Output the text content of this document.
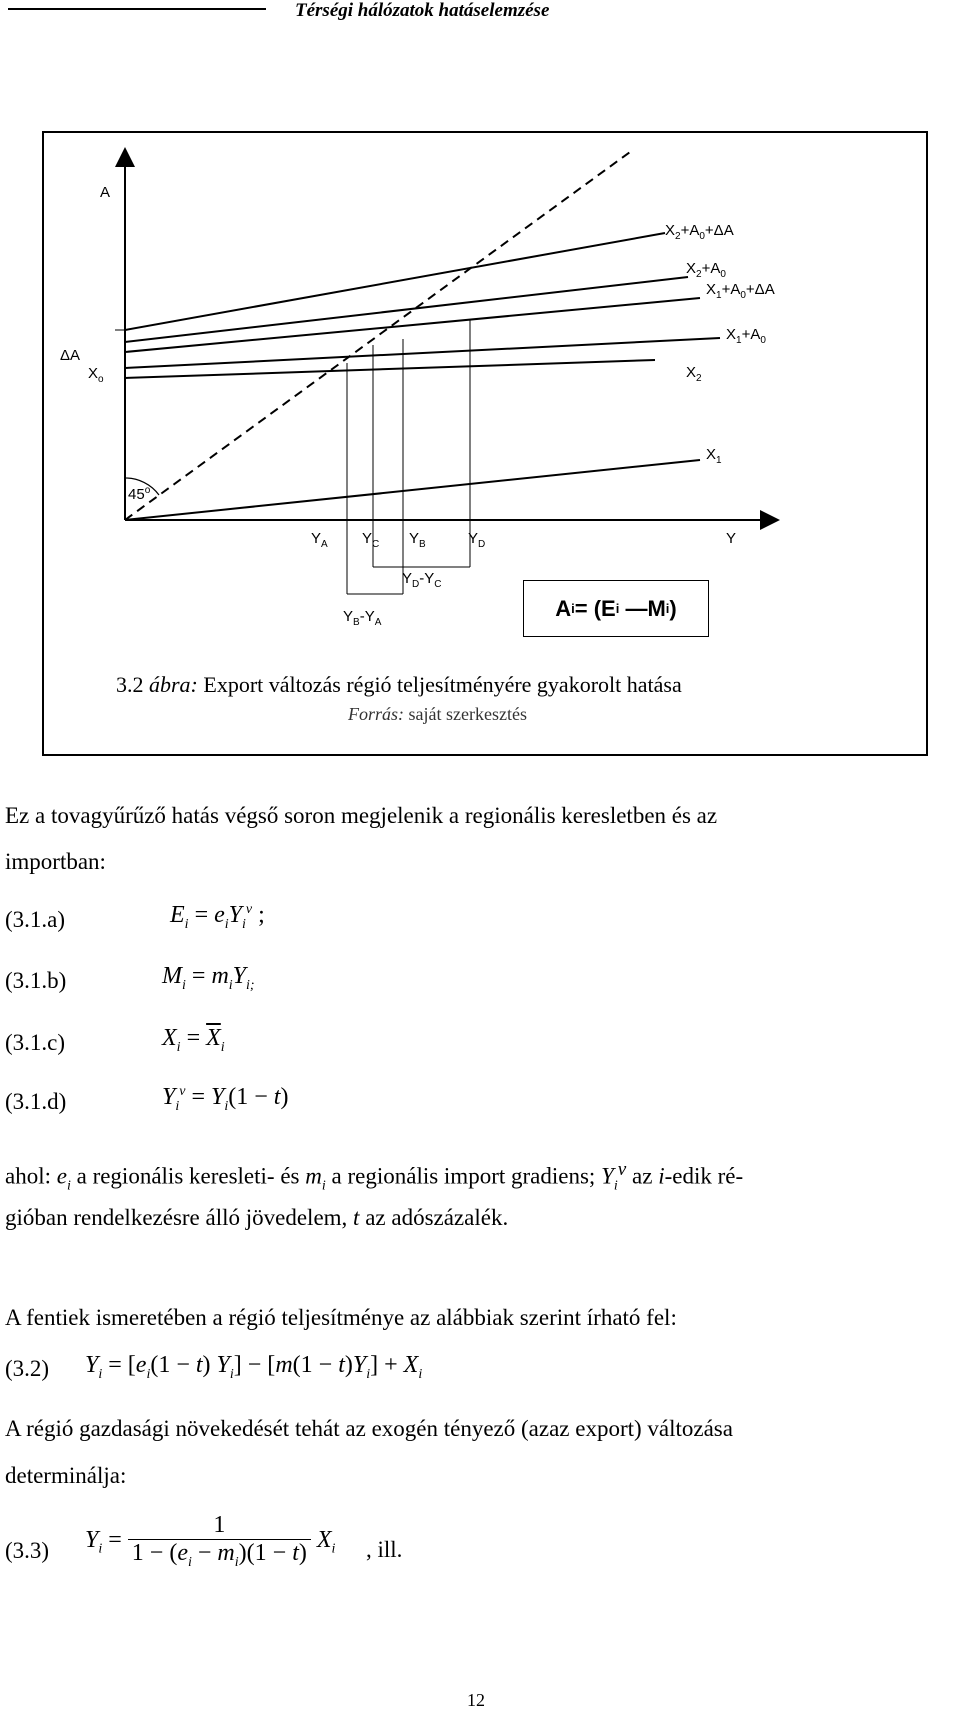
Térségi hálózatok hatáselemzése
A
Y
ΔA
$X_o$
45$^o$
$X_2+A_0+\Delta A$
$X_2+A_0$
$X_1+A_0+\Delta A$
$X_1+A_0$
$X_2$
$X_1$
$Y_A$ $Y_C$ $Y_B$	$Y_D$
$Y_D-Y_C$
$Y_B-Y_A$
A i = (E i — M i )
3.2 ábra: Export változás régió teljesítményére gyakorolt hatása
Forrás: saját szerkesztés
Ez a tovagyűrűző hatás végső soron megjelenik a regionális keresletben és az
importban:
(3.1.a)	$E_i = e_iY_i^v$ ;
(3.1.b)	$M_i = m_iY_{i;}$
(3.1.c)	$X_i = \overline{X}_i$
(3.1.d)	$Y_i^v = Y_i(1 - t)$
ahol: $e_i$ a regionális keresleti- és $m_i$ a regionális import gradiens; $Y_i^v$ az i-edik ré-
gióban rendelkezésre álló jövedelem, t az adószázalék.
A fentiek ismeretében a régió teljesítménye az alábbiak szerint írható fel:
(3.2) $Y_i = [e_i(1 - t) Y_i] - [m(1 - t)Y_i] + X_i$
A régió gazdasági növekedését tehát az exogén tényező (azaz export) változása
determinálja:
(3.3) $Y_i = \frac{1}{1 - (e_i - m_i)(1 - t)} X_i$ , ill.
12
